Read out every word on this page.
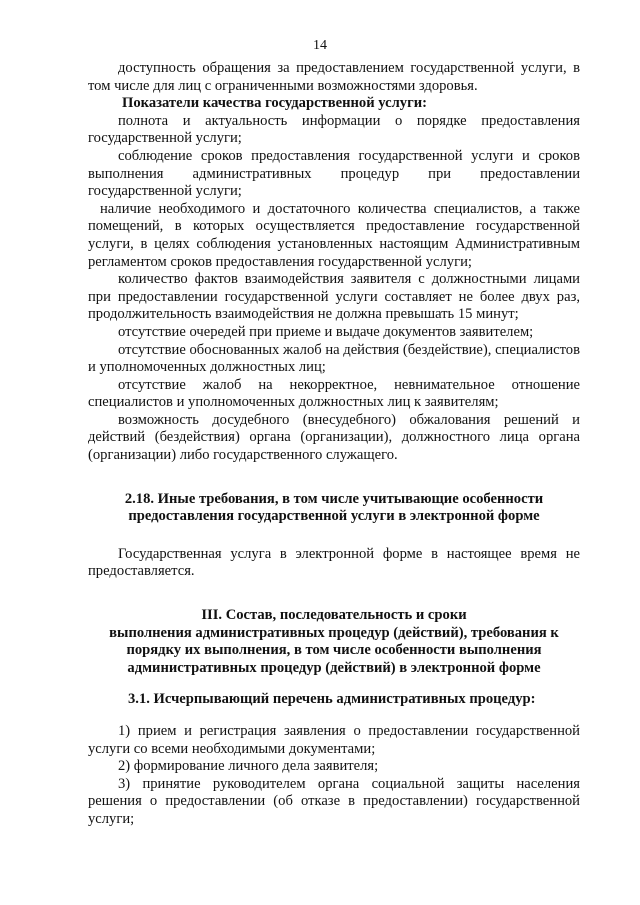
14

доступность обращения за предоставлением государственной услуги, в том числе для лиц с ограниченными возможностями здоровья.

Показатели качества государственной услуги:

полнота и актуальность информации о порядке предоставления государственной услуги;

соблюдение сроков предоставления государственной услуги и сроков выполнения административных процедур при предоставлении государственной услуги;

наличие необходимого и достаточного количества специалистов, а также помещений, в которых осуществляется предоставление государственной услуги, в целях соблюдения установленных настоящим Административным регламентом сроков предоставления государственной услуги;

количество фактов взаимодействия заявителя с должностными лицами при предоставлении государственной услуги составляет не более двух раз, продолжительность взаимодействия не должна превышать 15 минут;

отсутствие очередей при приеме и выдаче документов заявителем;

отсутствие обоснованных жалоб на действия (бездействие), специалистов и уполномоченных должностных лиц;

отсутствие жалоб на некорректное, невнимательное отношение специалистов и уполномоченных должностных лиц к заявителям;

возможность досудебного (внесудебного) обжалования решений и действий (бездействия) органа (организации), должностного лица органа (организации) либо государственного служащего.

2.18. Иные требования, в том числе учитывающие особенности

предоставления государственной услуги в электронной форме

Государственная услуга в электронной форме в настоящее время не предоставляется.

III. Состав, последовательность и сроки

выполнения административных процедур (действий), требования к

порядку их выполнения, в том числе особенности выполнения

административных процедур (действий) в электронной форме

3.1. Исчерпывающий перечень административных процедур:

1) прием и регистрация заявления о предоставлении государственной услуги со всеми необходимыми документами;

2) формирование личного дела заявителя;

3) принятие руководителем органа социальной защиты населения решения о предоставлении (об отказе в предоставлении) государственной услуги;
